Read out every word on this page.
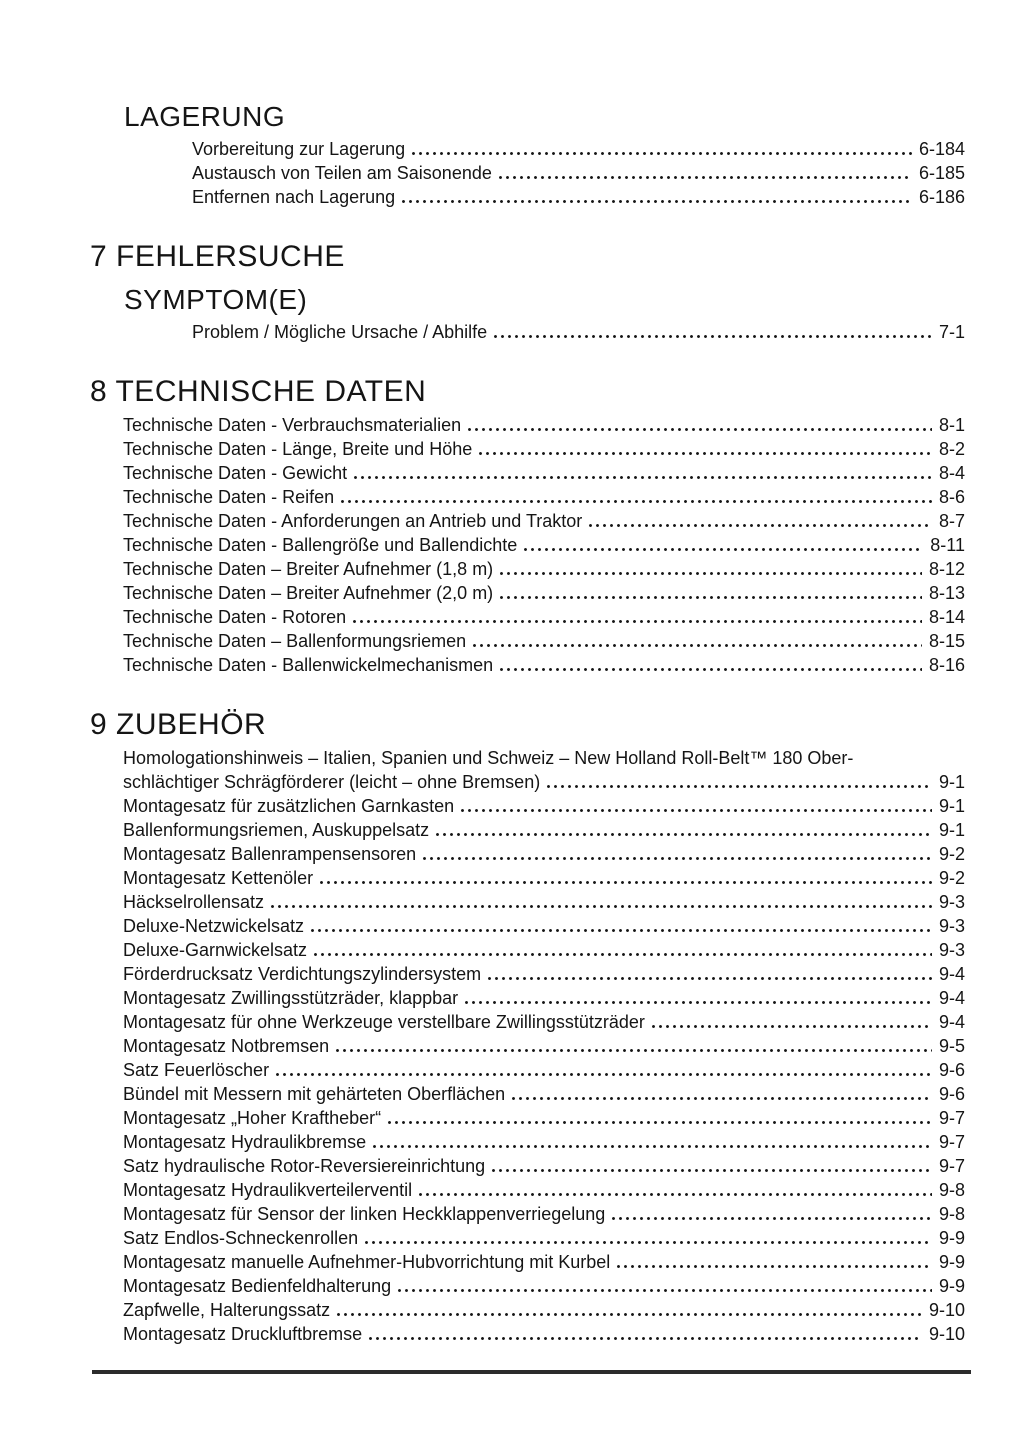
LAGERUNG
Vorbereitung zur Lagerung	6-184
Austausch von Teilen am Saisonende	6-185
Entfernen nach Lagerung	6-186
7 FEHLERSUCHE
SYMPTOM(E)
Problem / Mögliche Ursache / Abhilfe	7-1
8 TECHNISCHE DATEN
Technische Daten - Verbrauchsmaterialien	8-1
Technische Daten - Länge, Breite und Höhe	8-2
Technische Daten - Gewicht	8-4
Technische Daten - Reifen	8-6
Technische Daten - Anforderungen an Antrieb und Traktor	8-7
Technische Daten - Ballengröße und Ballendichte	8-11
Technische Daten – Breiter Aufnehmer (1,8 m)	8-12
Technische Daten – Breiter Aufnehmer (2,0 m)	8-13
Technische Daten - Rotoren	8-14
Technische Daten – Ballenformungsriemen	8-15
Technische Daten - Ballenwickelmechanismen	8-16
9 ZUBEHÖR
Homologationshinweis – Italien, Spanien und Schweiz – New Holland Roll-Belt™ 180 Ober-
schlächtiger Schrägförderer (leicht – ohne Bremsen)	9-1
Montagesatz für zusätzlichen Garnkasten	9-1
Ballenformungsriemen, Auskuppelsatz	9-1
Montagesatz Ballenrampensensoren	9-2
Montagesatz Kettenöler	9-2
Häckselrollensatz	9-3
Deluxe-Netzwickelsatz	9-3
Deluxe-Garnwickelsatz	9-3
Förderdrucksatz Verdichtungszylindersystem	9-4
Montagesatz Zwillingsstützräder, klappbar	9-4
Montagesatz für ohne Werkzeuge verstellbare Zwillingsstützräder	9-4
Montagesatz Notbremsen	9-5
Satz Feuerlöscher	9-6
Bündel mit Messern mit gehärteten Oberflächen	9-6
Montagesatz „Hoher Kraftheber“	9-7
Montagesatz Hydraulikbremse	9-7
Satz hydraulische Rotor-Reversiereinrichtung	9-7
Montagesatz Hydraulikverteilerventil	9-8
Montagesatz für Sensor der linken Heckklappenverriegelung	9-8
Satz Endlos-Schneckenrollen	9-9
Montagesatz manuelle Aufnehmer-Hubvorrichtung mit Kurbel	9-9
Montagesatz Bedienfeldhalterung	9-9
Zapfwelle, Halterungssatz	9-10
Montagesatz Druckluftbremse	9-10
